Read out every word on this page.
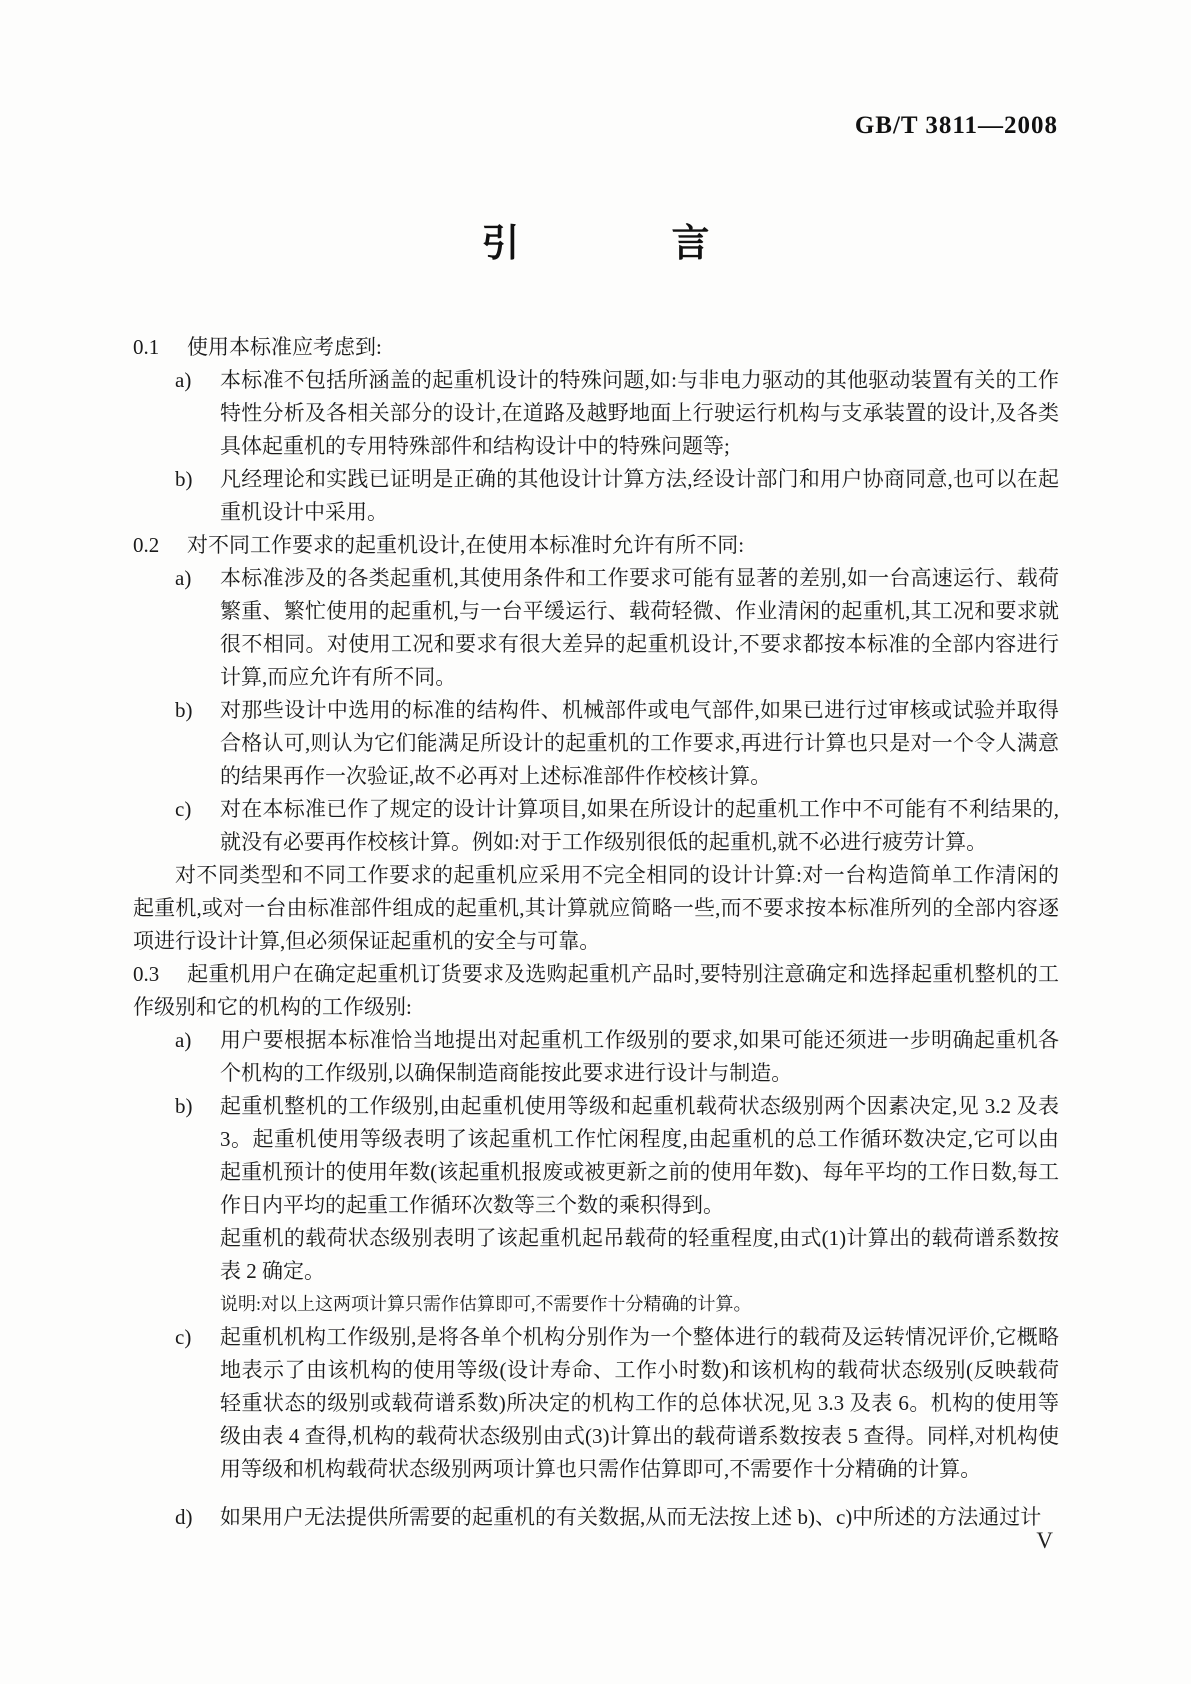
GB/T 3811—2008
引　　　　言

0.1 使用本标准应考虑到:

a)	本标准不包括所涵盖的起重机设计的特殊问题,如:与非电力驱动的其他驱动装置有关的工作特性分析及各相关部分的设计,在道路及越野地面上行驶运行机构与支承装置的设计,及各类具体起重机的专用特殊部件和结构设计中的特殊问题等;

b)	凡经理论和实践已证明是正确的其他设计计算方法,经设计部门和用户协商同意,也可以在起重机设计中采用。

0.2 对不同工作要求的起重机设计,在使用本标准时允许有所不同:

a)	本标准涉及的各类起重机,其使用条件和工作要求可能有显著的差别,如一台高速运行、载荷繁重、繁忙使用的起重机,与一台平缓运行、载荷轻微、作业清闲的起重机,其工况和要求就很不相同。对使用工况和要求有很大差异的起重机设计,不要求都按本标准的全部内容进行计算,而应允许有所不同。

b)	对那些设计中选用的标准的结构件、机械部件或电气部件,如果已进行过审核或试验并取得合格认可,则认为它们能满足所设计的起重机的工作要求,再进行计算也只是对一个令人满意的结果再作一次验证,故不必再对上述标准部件作校核计算。

c)	对在本标准已作了规定的设计计算项目,如果在所设计的起重机工作中不可能有不利结果的,就没有必要再作校核计算。例如:对于工作级别很低的起重机,就不必进行疲劳计算。

对不同类型和不同工作要求的起重机应采用不完全相同的设计计算:对一台构造简单工作清闲的起重机,或对一台由标准部件组成的起重机,其计算就应简略一些,而不要求按本标准所列的全部内容逐项进行设计计算,但必须保证起重机的安全与可靠。

0.3 起重机用户在确定起重机订货要求及选购起重机产品时,要特别注意确定和选择起重机整机的工作级别和它的机构的工作级别:

a)	用户要根据本标准恰当地提出对起重机工作级别的要求,如果可能还须进一步明确起重机各个机构的工作级别,以确保制造商能按此要求进行设计与制造。

b)	起重机整机的工作级别,由起重机使用等级和起重机载荷状态级别两个因素决定,见 3.2 及表 3。起重机使用等级表明了该起重机工作忙闲程度,由起重机的总工作循环数决定,它可以由起重机预计的使用年数(该起重机报废或被更新之前的使用年数)、每年平均的工作日数,每工作日内平均的起重工作循环次数等三个数的乘积得到。

起重机的载荷状态级别表明了该起重机起吊载荷的轻重程度,由式(1)计算出的载荷谱系数按表 2 确定。

说明:对以上这两项计算只需作估算即可,不需要作十分精确的计算。

c)	起重机机构工作级别,是将各单个机构分别作为一个整体进行的载荷及运转情况评价,它概略地表示了由该机构的使用等级(设计寿命、工作小时数)和该机构的载荷状态级别(反映载荷轻重状态的级别或载荷谱系数)所决定的机构工作的总体状况,见 3.3 及表 6。机构的使用等级由表 4 查得,机构的载荷状态级别由式(3)计算出的载荷谱系数按表 5 查得。同样,对机构使用等级和机构载荷状态级别两项计算也只需作估算即可,不需要作十分精确的计算。

d)	如果用户无法提供所需要的起重机的有关数据,从而无法按上述 b)、c)中所述的方法通过计

V
